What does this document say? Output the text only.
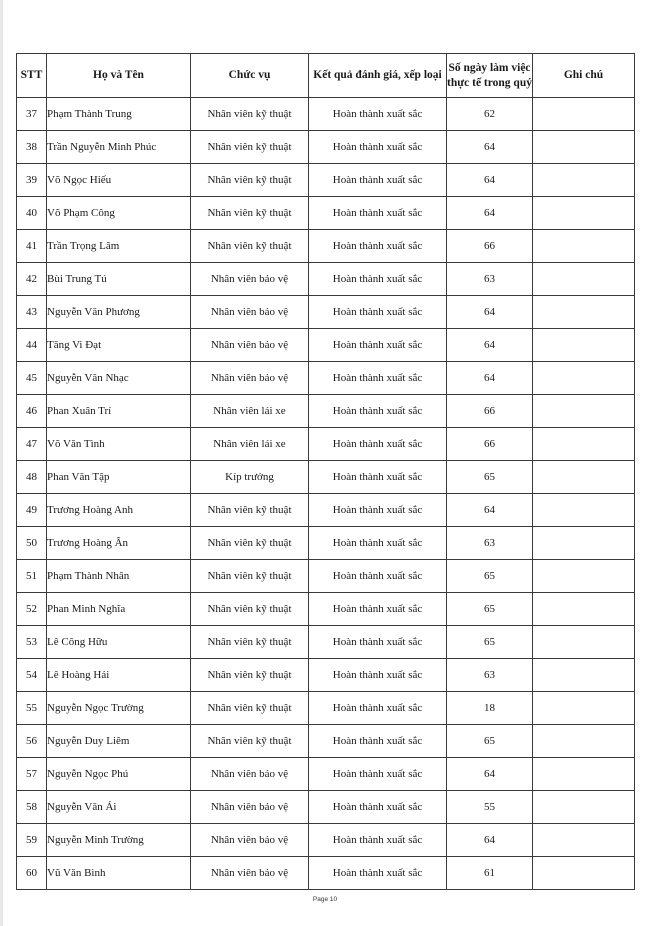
STT	Họ và Tên	Chức vụ	Kết quả đánh giá, xếp loại	Số ngày làm việc thực tế trong quý	Ghi chú
37	Phạm Thành Trung	Nhân viên kỹ thuật	Hoàn thành xuất sắc	62	
38	Trần Nguyễn Minh Phúc	Nhân viên kỹ thuật	Hoàn thành xuất sắc	64	
39	Võ Ngọc Hiếu	Nhân viên kỹ thuật	Hoàn thành xuất sắc	64	
40	Võ Phạm Công	Nhân viên kỹ thuật	Hoàn thành xuất sắc	64	
41	Trần Trọng Lâm	Nhân viên kỹ thuật	Hoàn thành xuất sắc	66	
42	Bùi Trung Tú	Nhân viên bảo vệ	Hoàn thành xuất sắc	63	
43	Nguyễn Văn Phương	Nhân viên bảo vệ	Hoàn thành xuất sắc	64	
44	Tăng Vi Đạt	Nhân viên bảo vệ	Hoàn thành xuất sắc	64	
45	Nguyễn Văn Nhạc	Nhân viên bảo vệ	Hoàn thành xuất sắc	64	
46	Phan Xuân Trí	Nhân viên lái xe	Hoàn thành xuất sắc	66	
47	Võ Văn Tình	Nhân viên lái xe	Hoàn thành xuất sắc	66	
48	Phan Văn Tập	Kíp trưởng	Hoàn thành xuất sắc	65	
49	Trương Hoàng Anh	Nhân viên kỹ thuật	Hoàn thành xuất sắc	64	
50	Trương Hoàng Ân	Nhân viên kỹ thuật	Hoàn thành xuất sắc	63	
51	Phạm Thành Nhân	Nhân viên kỹ thuật	Hoàn thành xuất sắc	65	
52	Phan Minh Nghĩa	Nhân viên kỹ thuật	Hoàn thành xuất sắc	65	
53	Lê Công Hữu	Nhân viên kỹ thuật	Hoàn thành xuất sắc	65	
54	Lê Hoàng Hải	Nhân viên kỹ thuật	Hoàn thành xuất sắc	63	
55	Nguyễn Ngọc Trường	Nhân viên kỹ thuật	Hoàn thành xuất sắc	18	
56	Nguyễn Duy Liêm	Nhân viên kỹ thuật	Hoàn thành xuất sắc	65	
57	Nguyễn Ngọc Phú	Nhân viên bảo vệ	Hoàn thành xuất sắc	64	
58	Nguyễn Văn Ái	Nhân viên bảo vệ	Hoàn thành xuất sắc	55	
59	Nguyễn Minh Trường	Nhân viên bảo vệ	Hoàn thành xuất sắc	64	
60	Vũ Văn Bình	Nhân viên bảo vệ	Hoàn thành xuất sắc	61	
Page 10
